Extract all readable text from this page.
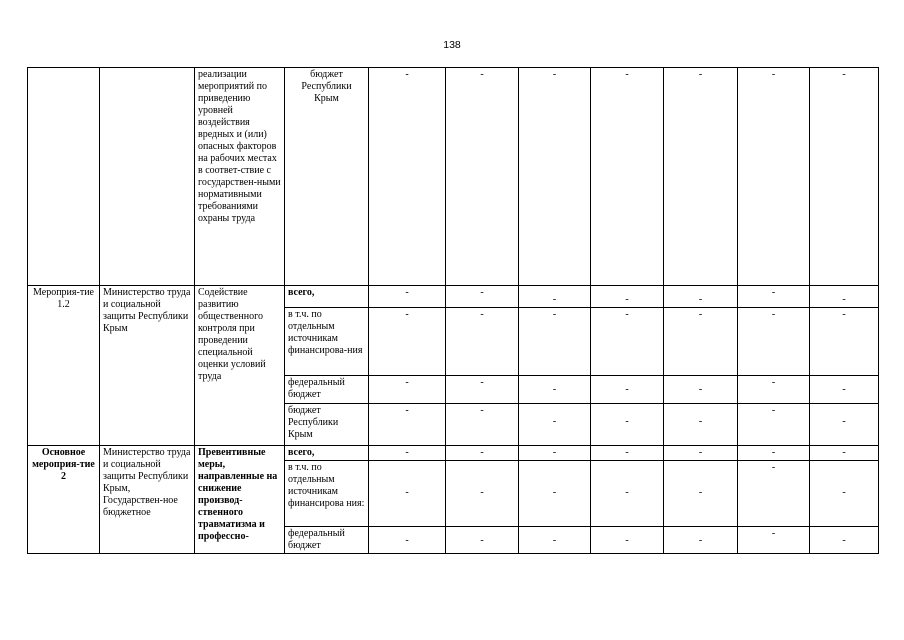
138
		реализации мероприятий по приведению уровней воздействия вредных и (или) опасных факторов на рабочих местах в соответ-ствие с государствен-ными нормативными требованиями охраны труда	бюджет Республики Крым	-	-	-	-	-	-	-

Мероприя-тие 1.2	Министерство труда и социальной защиты Республики Крым	Содействие развитию общественного контроля при проведении специальной оценки условий труда	всего,	-	-	-	-	-	-	-

			в т.ч. по отдельным источникам финансирова-ния	-	-	-	-	-	-	-

			федеральный бюджет	-	-	-	-	-	-	-

			бюджет Республики Крым	-	-	-	-	-	-	-

Основное мероприя-тие 2	Министерство труда и социальной защиты Республики Крым, Государствен-ное бюджетное	Превентивные меры, направленные на снижение производ-ственного травматизма и профессно-	всего,	-	-	-	-	-	-	-

			в т.ч. по отдельным источникам финансирова ния:	-	-	-	-	-	-	-

			федеральный бюджет	-	-	-	-	-	-	-
